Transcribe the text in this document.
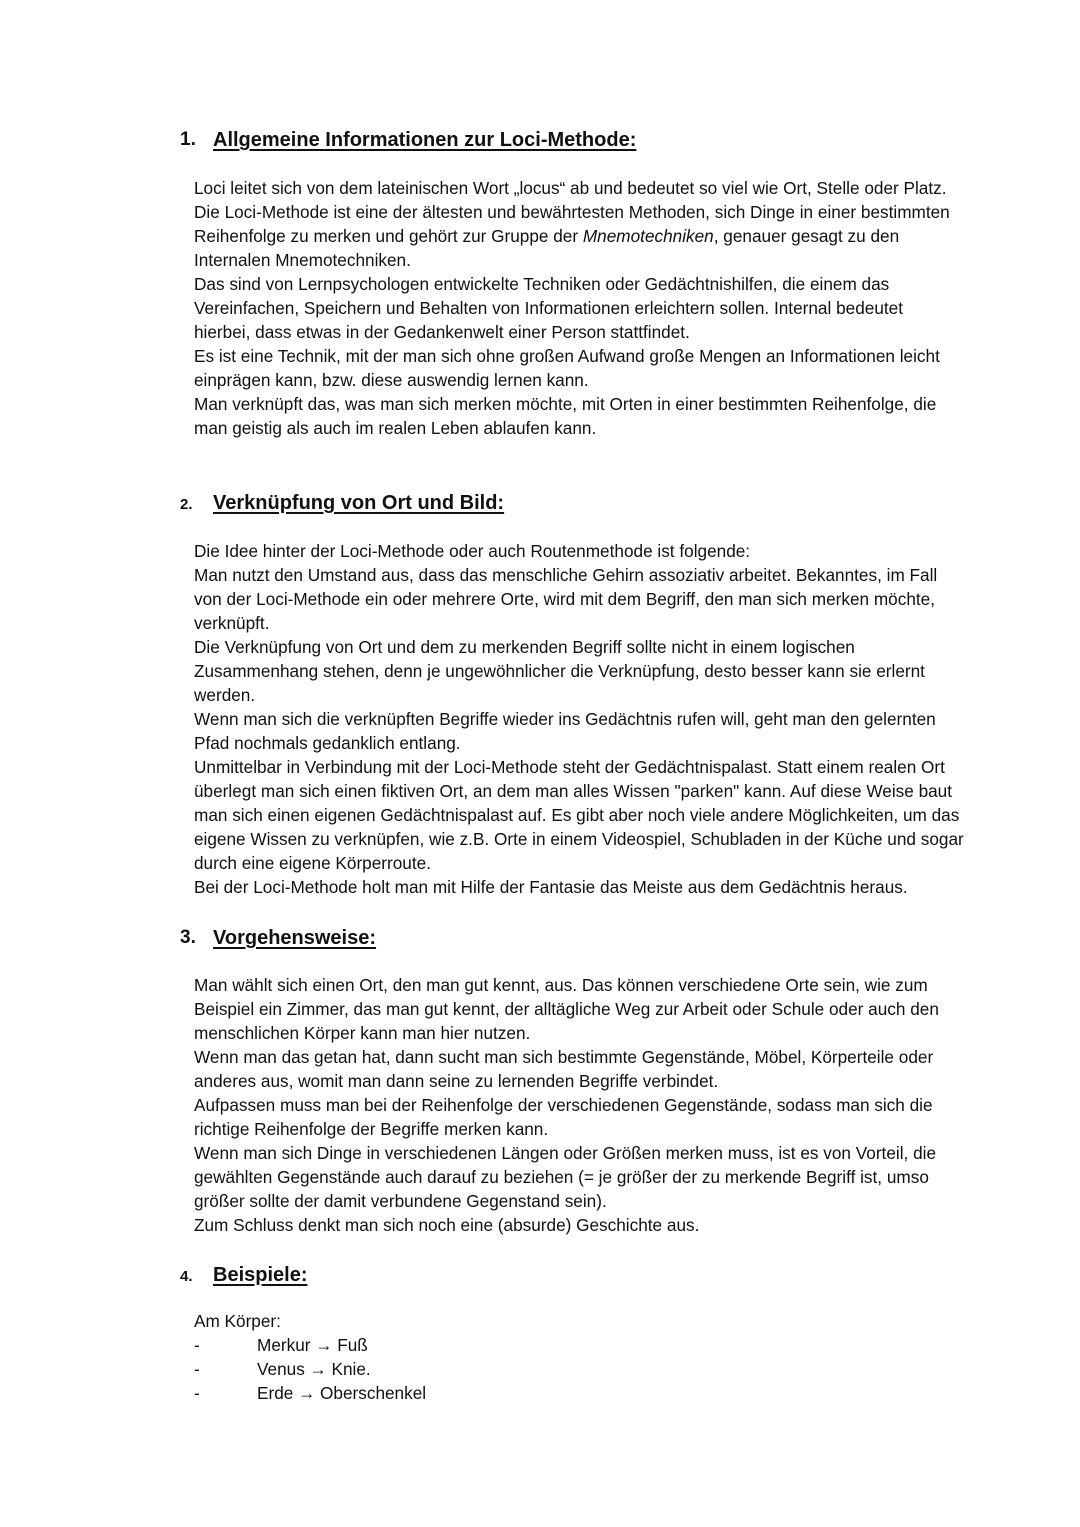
1. Allgemeine Informationen zur Loci-Methode:

Loci leitet sich von dem lateinischen Wort „locus“ ab und bedeutet so viel wie Ort, Stelle oder Platz.

Die Loci-Methode ist eine der ältesten und bewährtesten Methoden, sich Dinge in einer bestimmten Reihenfolge zu merken und gehört zur Gruppe der Mnemotechniken, genauer gesagt zu den Internalen Mnemotechniken.

Das sind von Lernpsychologen entwickelte Techniken oder Gedächtnishilfen, die einem das Vereinfachen, Speichern und Behalten von Informationen erleichtern sollen. Internal bedeutet hierbei, dass etwas in der Gedankenwelt einer Person stattfindet.

Es ist eine Technik, mit der man sich ohne großen Aufwand große Mengen an Informationen leicht einprägen kann, bzw. diese auswendig lernen kann.

Man verknüpft das, was man sich merken möchte, mit Orten in einer bestimmten Reihenfolge, die man geistig als auch im realen Leben ablaufen kann.

2. Verknüpfung von Ort und Bild:

Die Idee hinter der Loci-Methode oder auch Routenmethode ist folgende:

Man nutzt den Umstand aus, dass das menschliche Gehirn assoziativ arbeitet. Bekanntes, im Fall von der Loci-Methode ein oder mehrere Orte, wird mit dem Begriff, den man sich merken möchte, verknüpft.

Die Verknüpfung von Ort und dem zu merkenden Begriff sollte nicht in einem logischen Zusammenhang stehen, denn je ungewöhnlicher die Verknüpfung, desto besser kann sie erlernt werden.

Wenn man sich die verknüpften Begriffe wieder ins Gedächtnis rufen will, geht man den gelernten Pfad nochmals gedanklich entlang.

Unmittelbar in Verbindung mit der Loci-Methode steht der Gedächtnispalast. Statt einem realen Ort überlegt man sich einen fiktiven Ort, an dem man alles Wissen "parken" kann. Auf diese Weise baut man sich einen eigenen Gedächtnispalast auf. Es gibt aber noch viele andere Möglichkeiten, um das eigene Wissen zu verknüpfen, wie z.B. Orte in einem Videospiel, Schubladen in der Küche und sogar durch eine eigene Körperroute.

Bei der Loci-Methode holt man mit Hilfe der Fantasie das Meiste aus dem Gedächtnis heraus.

3. Vorgehensweise:

Man wählt sich einen Ort, den man gut kennt, aus. Das können verschiedene Orte sein, wie zum Beispiel ein Zimmer, das man gut kennt, der alltägliche Weg zur Arbeit oder Schule oder auch den menschlichen Körper kann man hier nutzen.

Wenn man das getan hat, dann sucht man sich bestimmte Gegenstände, Möbel, Körperteile oder anderes aus, womit man dann seine zu lernenden Begriffe verbindet.

Aufpassen muss man bei der Reihenfolge der verschiedenen Gegenstände, sodass man sich die richtige Reihenfolge der Begriffe merken kann.

Wenn man sich Dinge in verschiedenen Längen oder Größen merken muss, ist es von Vorteil, die gewählten Gegenstände auch darauf zu beziehen (= je größer der zu merkende Begriff ist, umso größer sollte der damit verbundene Gegenstand sein).

Zum Schluss denkt man sich noch eine (absurde) Geschichte aus.

4. Beispiele:
Am Körper:
-	Merkur → Fuß
-	Venus → Knie.
-	Erde → Oberschenkel
